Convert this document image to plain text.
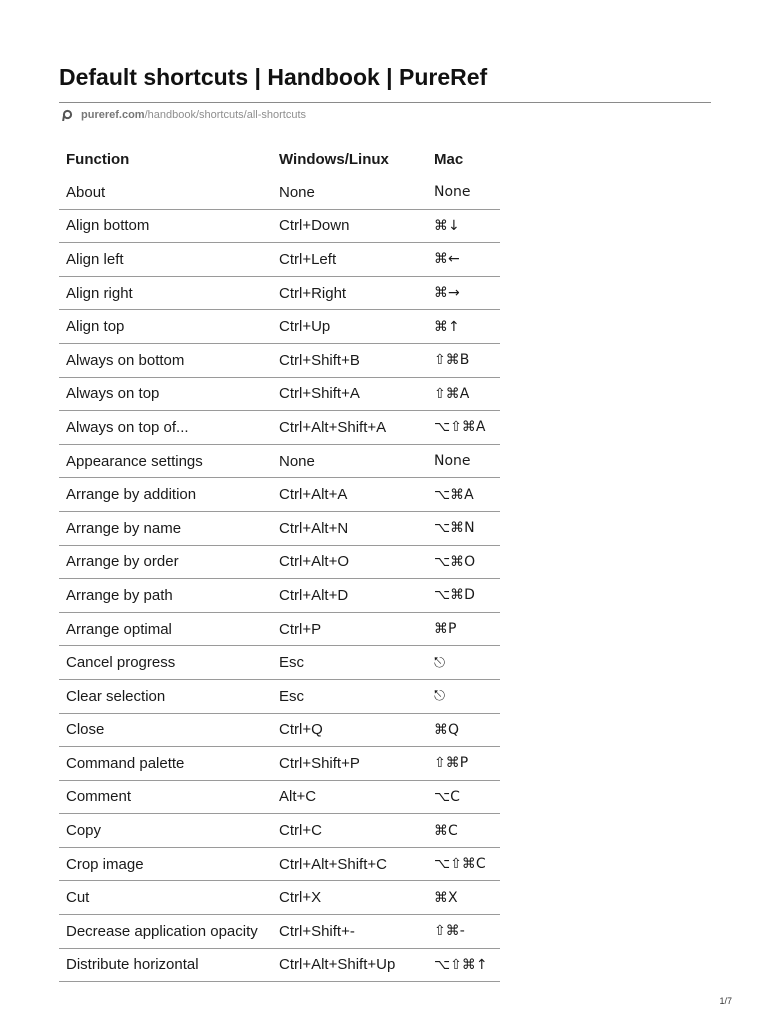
Default shortcuts | Handbook | PureRef
pureref.com/handbook/shortcuts/all-shortcuts
Function	Windows/Linux	Mac
About	None	None
Align bottom	Ctrl+Down	⌘↓
Align left	Ctrl+Left	⌘←
Align right	Ctrl+Right	⌘→
Align top	Ctrl+Up	⌘↑
Always on bottom	Ctrl+Shift+B	⇧⌘B
Always on top	Ctrl+Shift+A	⇧⌘A
Always on top of...	Ctrl+Alt+Shift+A	⌥⇧⌘A
Appearance settings	None	None
Arrange by addition	Ctrl+Alt+A	⌥⌘A
Arrange by name	Ctrl+Alt+N	⌥⌘N
Arrange by order	Ctrl+Alt+O	⌥⌘O
Arrange by path	Ctrl+Alt+D	⌥⌘D
Arrange optimal	Ctrl+P	⌘P
Cancel progress	Esc	⎋
Clear selection	Esc	⎋
Close	Ctrl+Q	⌘Q
Command palette	Ctrl+Shift+P	⇧⌘P
Comment	Alt+C	⌥C
Copy	Ctrl+C	⌘C
Crop image	Ctrl+Alt+Shift+C	⌥⇧⌘C
Cut	Ctrl+X	⌘X
Decrease application opacity	Ctrl+Shift+-	⇧⌘-
Distribute horizontal	Ctrl+Alt+Shift+Up	⌥⇧⌘↑
1/7
